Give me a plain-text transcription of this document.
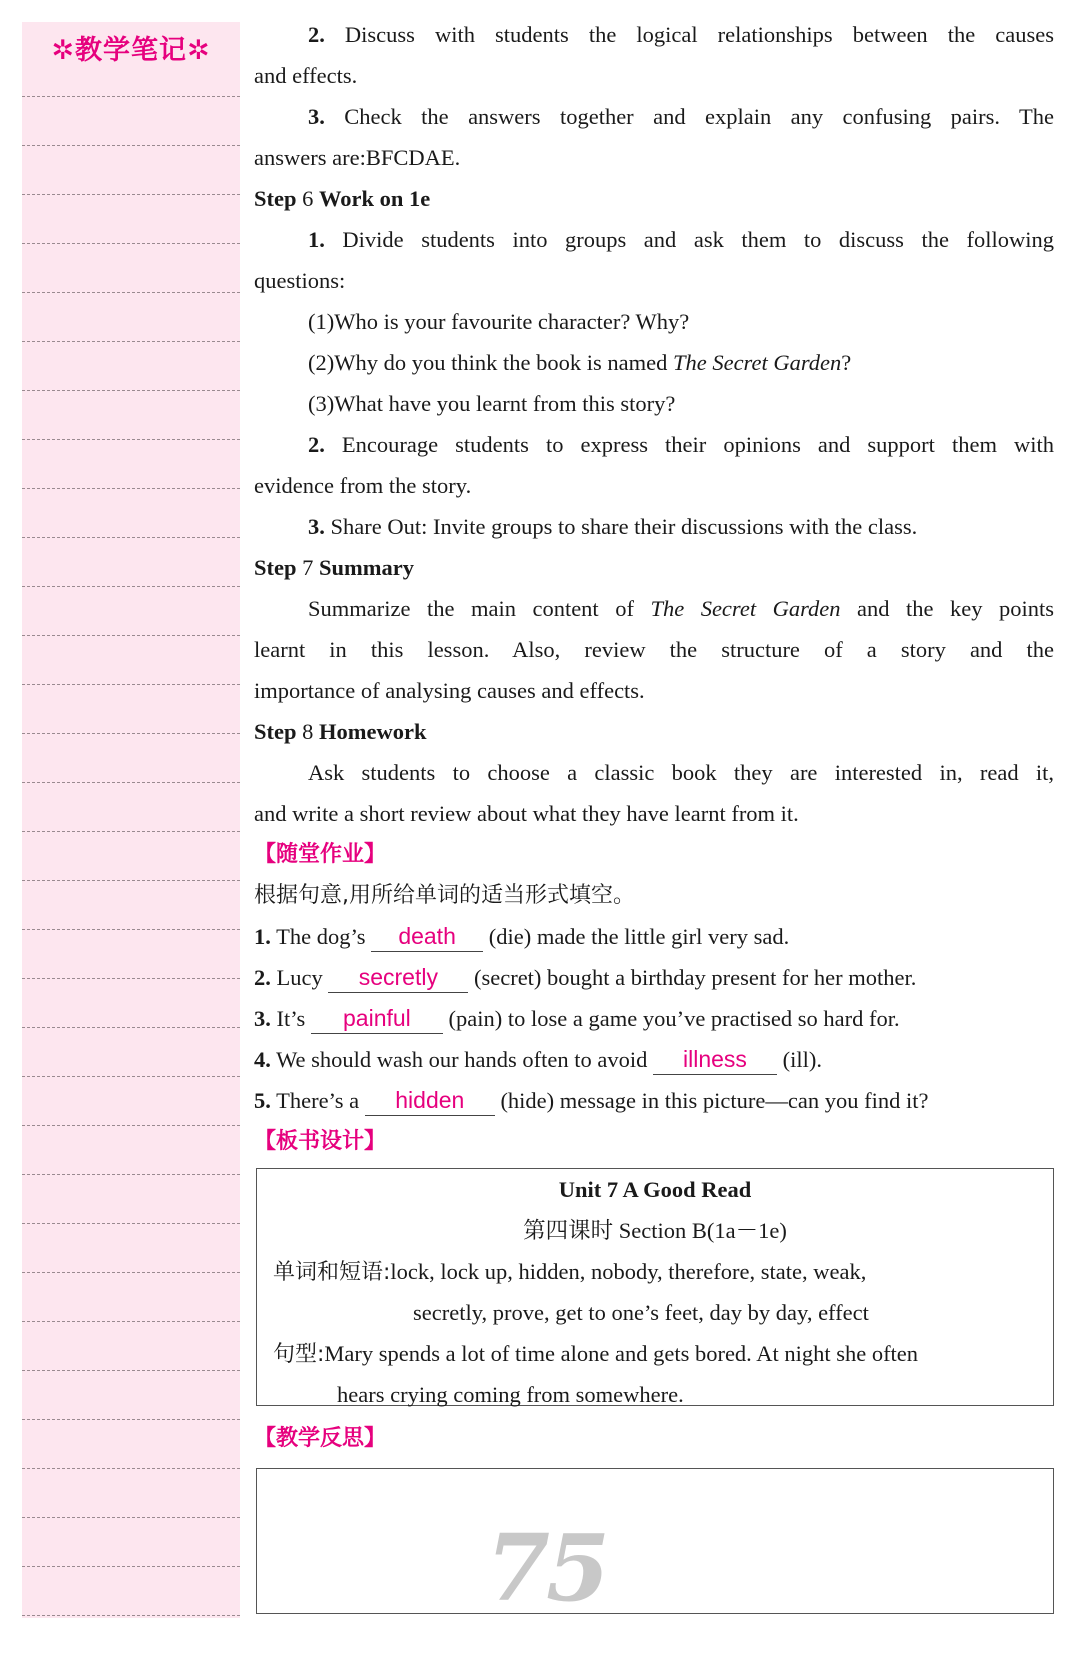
✲教学笔记✲
2. Discuss with students the logical relationships between the causes
and effects.
3. Check the answers together and explain any confusing pairs. The
answers are:BFCDAE.
Step 6 Work on 1e
1. Divide students into groups and ask them to discuss the following
questions:
(1)Who is your favourite character? Why?
(2)Why do you think the book is named The Secret Garden?
(3)What have you learnt from this story?
2. Encourage students to express their opinions and support them with
evidence from the story.
3. Share Out: Invite groups to share their discussions with the class.
Step 7 Summary
Summarize the main content of The Secret Garden and the key points
learnt in this lesson. Also, review the structure of a story and the
importance of analysing causes and effects.
Step 8 Homework
Ask students to choose a classic book they are interested in, read it,
and write a short review about what they have learnt from it.
【随堂作业】
根据句意,用所给单词的适当形式填空。
1. The dog’s death (die) made the little girl very sad.
2. Lucy secretly (secret) bought a birthday present for her mother.
3. It’s painful (pain) to lose a game you’ve practised so hard for.
4. We should wash our hands often to avoid illness (ill).
5. There’s a hidden (hide) message in this picture—can you find it?
【板书设计】
Unit 7 A Good Read
第四课时 Section B(1a－1e)
单词和短语:lock, lock up, hidden, nobody, therefore, state, weak,
secretly, prove, get to one’s feet, day by day, effect
句型:Mary spends a lot of time alone and gets bored. At night she often
hears crying coming from somewhere.
【教学反思】
75
